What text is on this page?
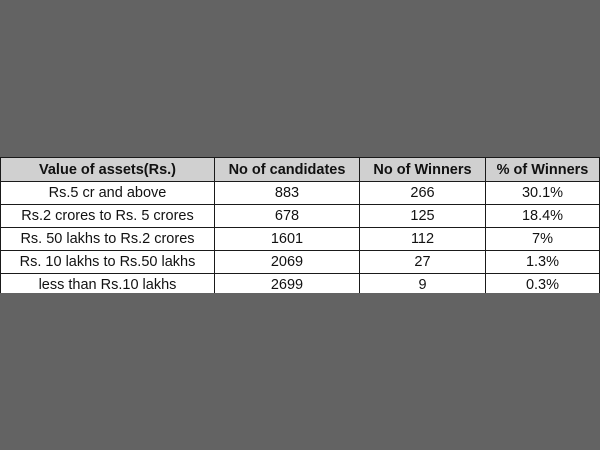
Value of assets(Rs.)	No of candidates	No of Winners	% of Winners
Rs.5 cr and above	883	266	30.1%
Rs.2 crores to Rs. 5 crores	678	125	18.4%
Rs. 50 lakhs to Rs.2 crores	1601	112	7%
Rs. 10 lakhs to Rs.50 lakhs	2069	27	1.3%
less than Rs.10 lakhs	2699	9	0.3%
